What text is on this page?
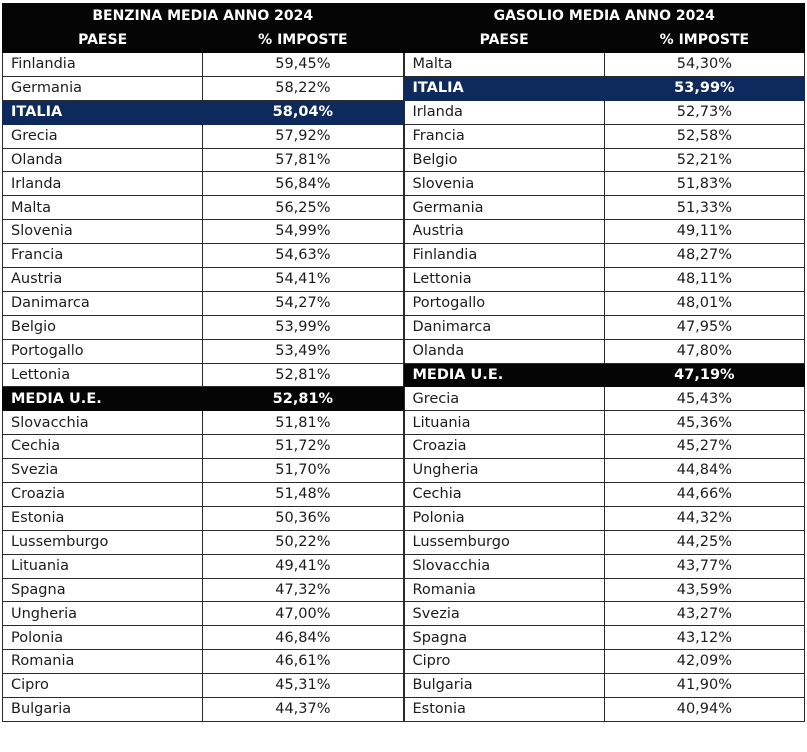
BENZINA MEDIA ANNO 2024	
PAESE	% IMPOSTE
Finlandia	59,45%
Germania	58,22%
ITALIA	58,04%
Grecia	57,92%
Olanda	57,81%
Irlanda	56,84%
Malta	56,25%
Slovenia	54,99%
Francia	54,63%
Austria	54,41%
Danimarca	54,27%
Belgio	53,99%
Portogallo	53,49%
Lettonia	52,81%
MEDIA U.E.	52,81%
Slovacchia	51,81%
Cechia	51,72%
Svezia	51,70%
Croazia	51,48%
Estonia	50,36%
Lussemburgo	50,22%
Lituania	49,41%
Spagna	47,32%
Ungheria	47,00%
Polonia	46,84%
Romania	46,61%
Cipro	45,31%
Bulgaria	44,37%
GASOLIO MEDIA ANNO 2024	
PAESE	% IMPOSTE
Malta	54,30%
ITALIA	53,99%
Irlanda	52,73%
Francia	52,58%
Belgio	52,21%
Slovenia	51,83%
Germania	51,33%
Austria	49,11%
Finlandia	48,27%
Lettonia	48,11%
Portogallo	48,01%
Danimarca	47,95%
Olanda	47,80%
MEDIA U.E.	47,19%
Grecia	45,43%
Lituania	45,36%
Croazia	45,27%
Ungheria	44,84%
Cechia	44,66%
Polonia	44,32%
Lussemburgo	44,25%
Slovacchia	43,77%
Romania	43,59%
Svezia	43,27%
Spagna	43,12%
Cipro	42,09%
Bulgaria	41,90%
Estonia	40,94%
